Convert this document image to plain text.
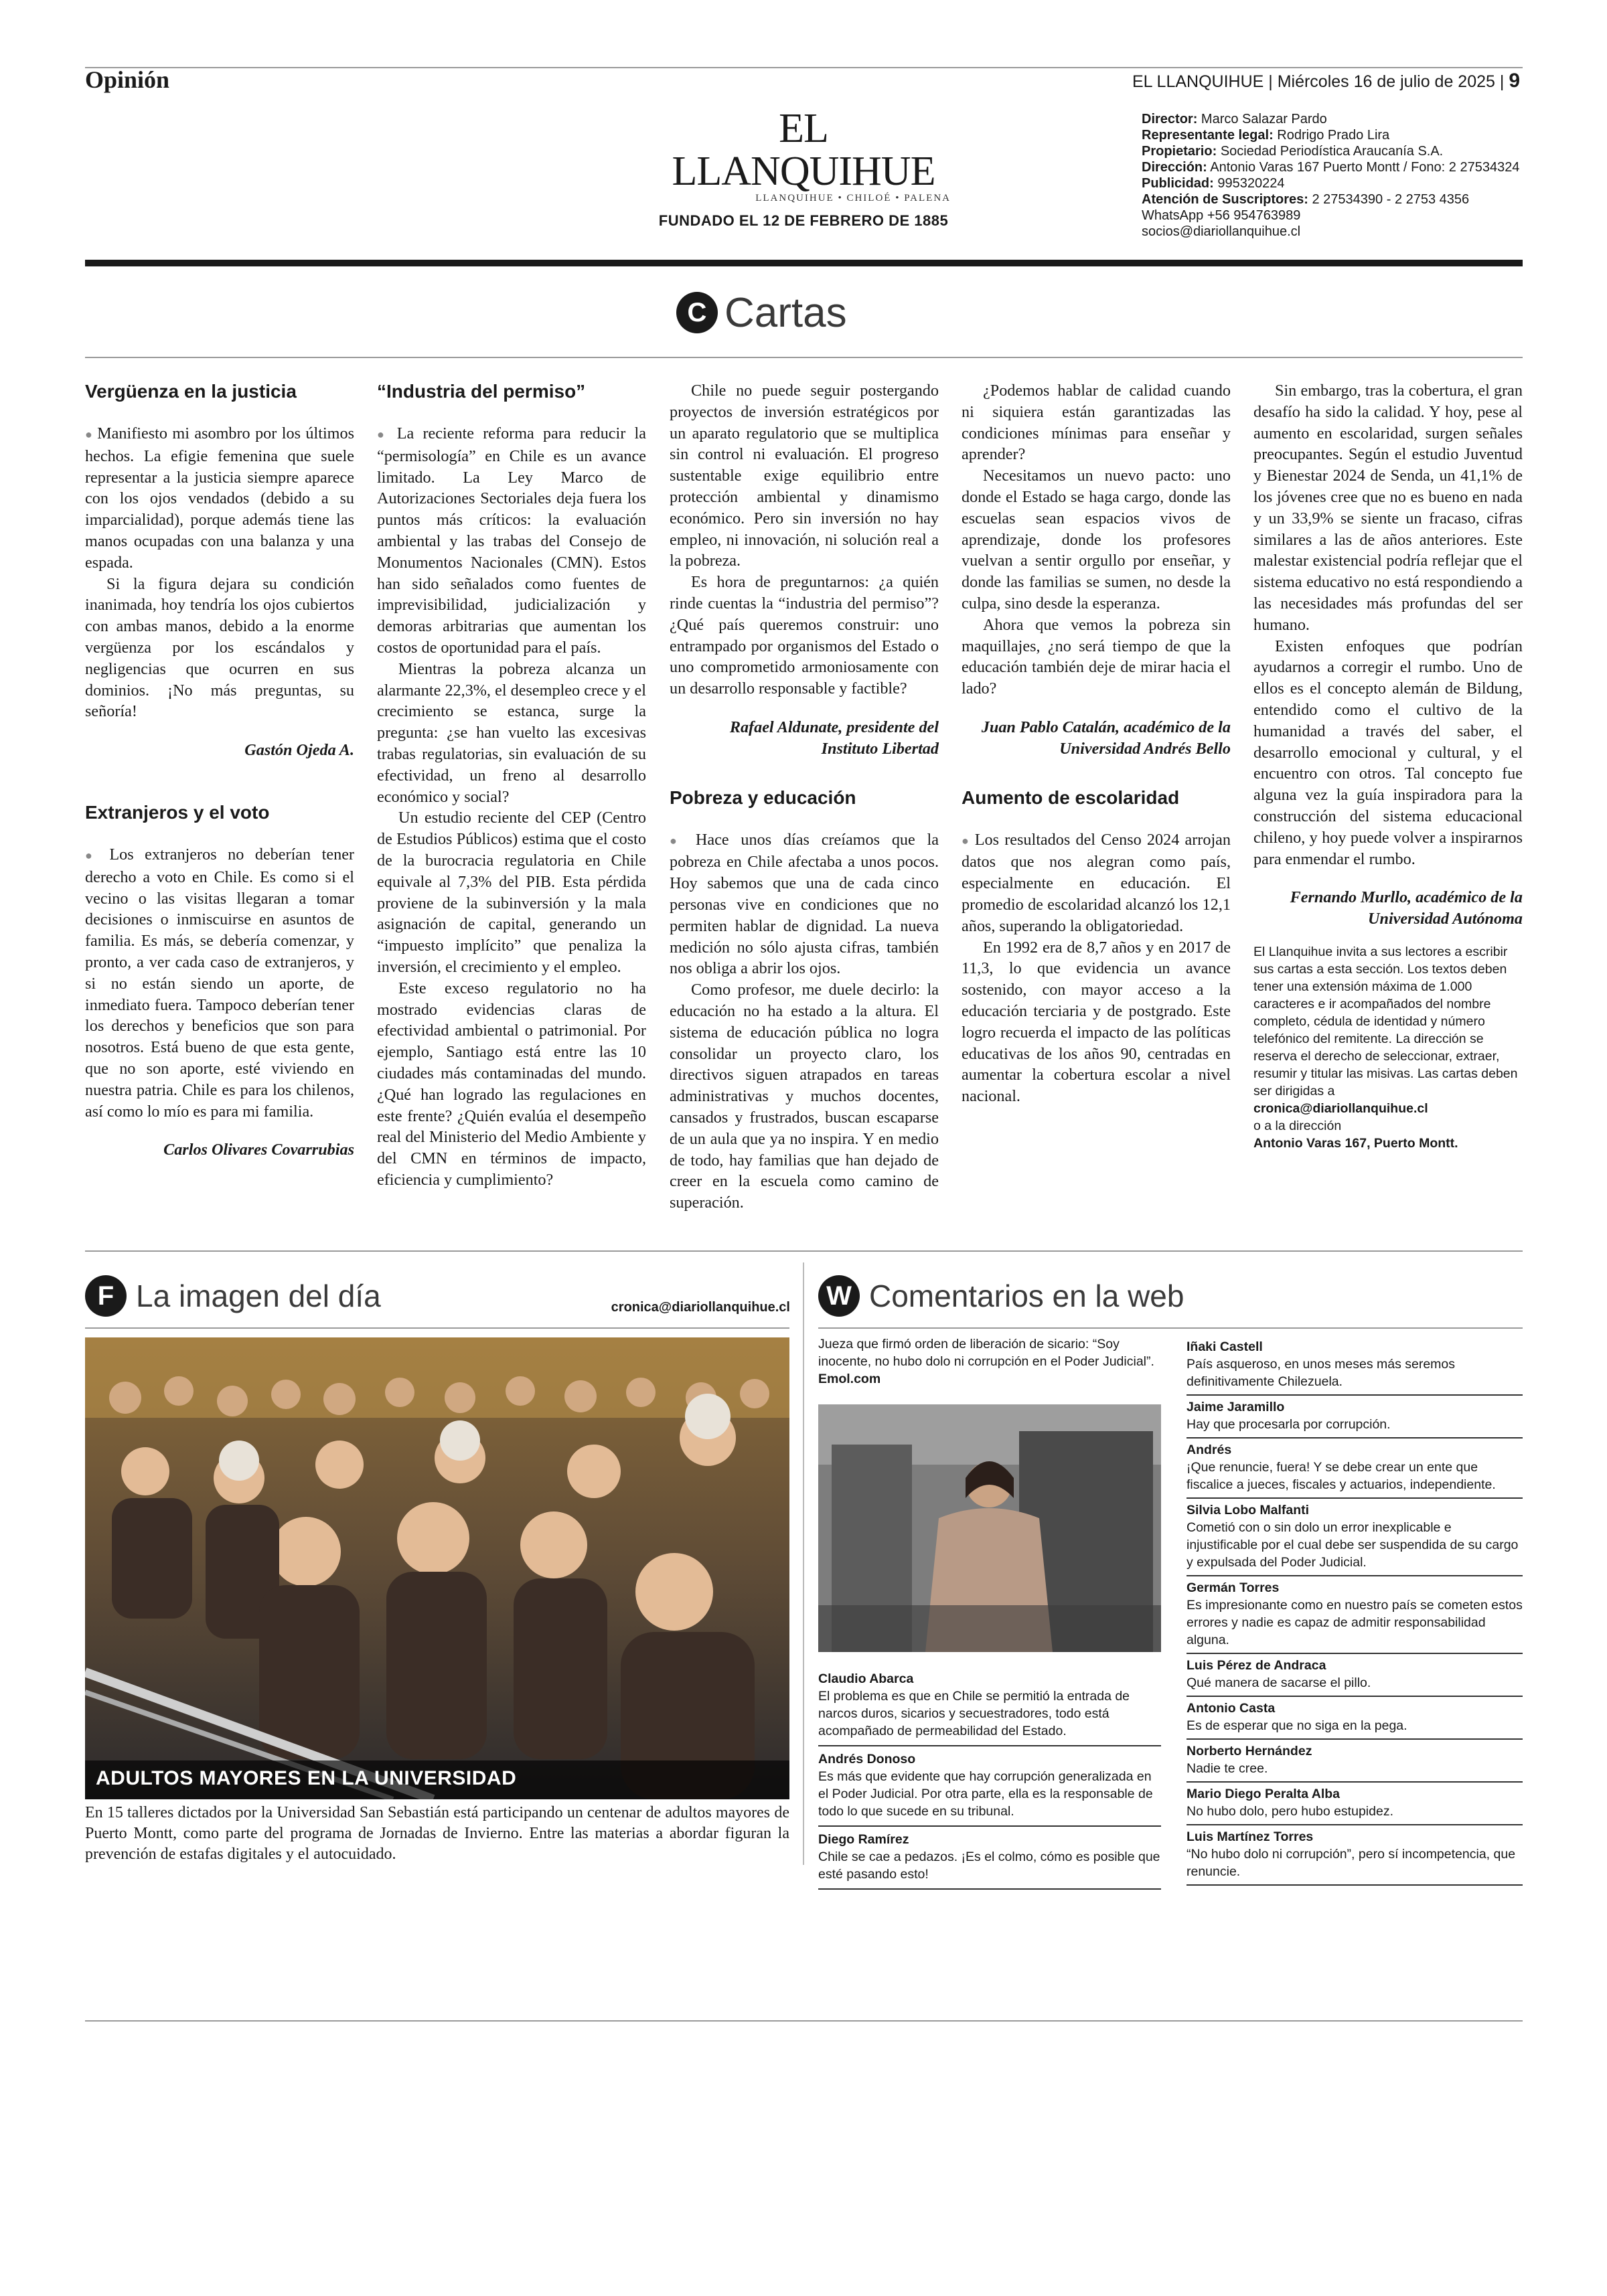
Opinión	EL LLANQUIHUE | Miércoles 16 de julio de 2025 | 9
EL LLANQUIHUE
LLANQUIHUE • CHILOÉ • PALENA
FUNDADO EL 12 DE FEBRERO DE 1885
Director: Marco Salazar Pardo
Representante legal: Rodrigo Prado Lira
Propietario: Sociedad Periodística Araucanía S.A.
Dirección: Antonio Varas 167 Puerto Montt / Fono: 2 27534324
Publicidad: 995320224
Atención de Suscriptores: 2 27534390 - 2 2753 4356
WhatsApp +56 954763989
socios@diariollanquihue.cl
C Cartas
Vergüenza en la justicia

● Manifiesto mi asombro por los últimos hechos. La efigie femenina que suele representar a la justicia siempre aparece con los ojos vendados (debido a su imparcialidad), porque además tiene las manos ocupadas con una balanza y una espada.

Si la figura dejara su condición inanimada, hoy tendría los ojos cubiertos con ambas manos, debido a la enorme vergüenza por los escándalos y negligencias que ocurren en sus dominios. ¡No más preguntas, su señoría!

Gastón Ojeda A.

Extranjeros y el voto

● Los extranjeros no deberían tener derecho a voto en Chile. Es como si el vecino o las visitas llegaran a tomar decisiones o inmiscuirse en asuntos de familia. Es más, se debería comenzar, y pronto, a ver cada caso de extranjeros, y si no están siendo un aporte, de inmediato fuera. Tampoco deberían tener los derechos y beneficios que son para nosotros. Está bueno de que esta gente, que no son aporte, esté viviendo en nuestra patria. Chile es para los chilenos, así como lo mío es para mi familia.

Carlos Olivares Covarrubias

“Industria del permiso”

● La reciente reforma para reducir la “permisología” en Chile es un avance limitado. La Ley Marco de Autorizaciones Sectoriales deja fuera los puntos más críticos: la evaluación ambiental y las trabas del Consejo de Monumentos Nacionales (CMN). Estos han sido señalados como fuentes de imprevisibilidad, judicialización y demoras arbitrarias que aumentan los costos de oportunidad para el país.

Mientras la pobreza alcanza un alarmante 22,3%, el desempleo crece y el crecimiento se estanca, surge la pregunta: ¿se han vuelto las excesivas trabas regulatorias, sin evaluación de su efectividad, un freno al desarrollo económico y social?

Un estudio reciente del CEP (Centro de Estudios Públicos) estima que el costo de la burocracia regulatoria en Chile equivale al 7,3% del PIB. Esta pérdida proviene de la subinversión y la mala asignación de capital, generando un “impuesto implícito” que penaliza la inversión, el crecimiento y el empleo.

Este exceso regulatorio no ha mostrado evidencias claras de efectividad ambiental o patrimonial. Por ejemplo, Santiago está entre las 10 ciudades más contaminadas del mundo. ¿Qué han logrado las regulaciones en este frente? ¿Quién evalúa el desempeño real del Ministerio del Medio Ambiente y del CMN en términos de impacto, eficiencia y cumplimiento?

Chile no puede seguir postergando proyectos de inversión estratégicos por un aparato regulatorio que se multiplica sin control ni evaluación. El progreso sustentable exige equilibrio entre protección ambiental y dinamismo económico. Pero sin inversión no hay empleo, ni innovación, ni solución real a la pobreza.

Es hora de preguntarnos: ¿a quién rinde cuentas la “industria del permiso”? ¿Qué país queremos construir: uno entrampado por organismos del Estado o uno comprometido armoniosamente con un desarrollo responsable y factible?

Rafael Aldunate, presidente del Instituto Libertad

Pobreza y educación

● Hace unos días creíamos que la pobreza en Chile afectaba a unos pocos. Hoy sabemos que una de cada cinco personas vive en condiciones que no permiten hablar de dignidad. La nueva medición no sólo ajusta cifras, también nos obliga a abrir los ojos.

Como profesor, me duele decirlo: la educación no ha estado a la altura. El sistema de educación pública no logra consolidar un proyecto claro, los directivos siguen atrapados en tareas administrativas y muchos docentes, cansados y frustrados, buscan escaparse de un aula que ya no inspira. Y en medio de todo, hay familias que han dejado de creer en la escuela como camino de superación.

¿Podemos hablar de calidad cuando ni siquiera están garantizadas las condiciones mínimas para enseñar y aprender?

Necesitamos un nuevo pacto: uno donde el Estado se haga cargo, donde las escuelas sean espacios vivos de aprendizaje, donde los profesores vuelvan a sentir orgullo por enseñar, y donde las familias se sumen, no desde la culpa, sino desde la esperanza.

Ahora que vemos la pobreza sin maquillajes, ¿no será tiempo de que la educación también deje de mirar hacia el lado?

Juan Pablo Catalán, académico de la Universidad Andrés Bello

Aumento de escolaridad

● Los resultados del Censo 2024 arrojan datos que nos alegran como país, especialmente en educación. El promedio de escolaridad alcanzó los 12,1 años, superando la obligatoriedad.

En 1992 era de 8,7 años y en 2017 de 11,3, lo que evidencia un avance sostenido, con mayor acceso a la educación terciaria y de postgrado. Este logro recuerda el impacto de las políticas educativas de los años 90, centradas en aumentar la cobertura escolar a nivel nacional.

Sin embargo, tras la cobertura, el gran desafío ha sido la calidad. Y hoy, pese al aumento en escolaridad, surgen señales preocupantes. Según el estudio Juventud y Bienestar 2024 de Senda, un 41,1% de los jóvenes cree que no es bueno en nada y un 33,9% se siente un fracaso, cifras similares a las de años anteriores. Este malestar existencial podría reflejar que el sistema educativo no está respondiendo a las necesidades más profundas del ser humano.

Existen enfoques que podrían ayudarnos a corregir el rumbo. Uno de ellos es el concepto alemán de Bildung, entendido como el cultivo de la humanidad a través del saber, el desarrollo emocional y cultural, y el encuentro con otros. Tal concepto fue alguna vez la guía inspiradora para la construcción del sistema educacional chileno, y hoy puede volver a inspirarnos para enmendar el rumbo.

Fernando Murllo, académico de la Universidad Autónoma

El Llanquihue invita a sus lectores a escribir sus cartas a esta sección. Los textos deben tener una extensión máxima de 1.000 caracteres e ir acompañados del nombre completo, cédula de identidad y número telefónico del remitente. La dirección se reserva el derecho de seleccionar, extraer, resumir y titular las misivas. Las cartas deben ser dirigidas a
cronica@diariollanquihue.cl
o a la dirección
Antonio Varas 167, Puerto Montt.
F La imagen del día	cronica@diariollanquihue.cl
ADULTOS MAYORES EN LA UNIVERSIDAD
En 15 talleres dictados por la Universidad San Sebastián está participando un centenar de adultos mayores de Puerto Montt, como parte del programa de Jornadas de Invierno. Entre las materias a abordar figuran la prevención de estafas digitales y el autocuidado.
W Comentarios en la web
Jueza que firmó orden de liberación de sicario: “Soy inocente, no hubo dolo ni corrupción en el Poder Judicial”. Emol.com
Claudio Abarca
El problema es que en Chile se permitió la entrada de narcos duros, sicarios y secuestradores, todo está acompañado de permeabilidad del Estado.
Andrés Donoso
Es más que evidente que hay corrupción generalizada en el Poder Judicial. Por otra parte, ella es la responsable de todo lo que sucede en su tribunal.
Diego Ramírez
Chile se cae a pedazos. ¡Es el colmo, cómo es posible que esté pasando esto!
Iñaki Castell
País asqueroso, en unos meses más seremos definitivamente Chilezuela.
Jaime Jaramillo
Hay que procesarla por corrupción.
Andrés
¡Que renuncie, fuera! Y se debe crear un ente que fiscalice a jueces, fiscales y actuarios, independiente.
Silvia Lobo Malfanti
Cometió con o sin dolo un error inexplicable e injustificable por el cual debe ser suspendida de su cargo y expulsada del Poder Judicial.
Germán Torres
Es impresionante como en nuestro país se cometen estos errores y nadie es capaz de admitir responsabilidad alguna.
Luis Pérez de Andraca
Qué manera de sacarse el pillo.
Antonio Casta
Es de esperar que no siga en la pega.
Norberto Hernández
Nadie te cree.
Mario Diego Peralta Alba
No hubo dolo, pero hubo estupidez.
Luis Martínez Torres
“No hubo dolo ni corrupción”, pero sí incompetencia, que renuncie.
